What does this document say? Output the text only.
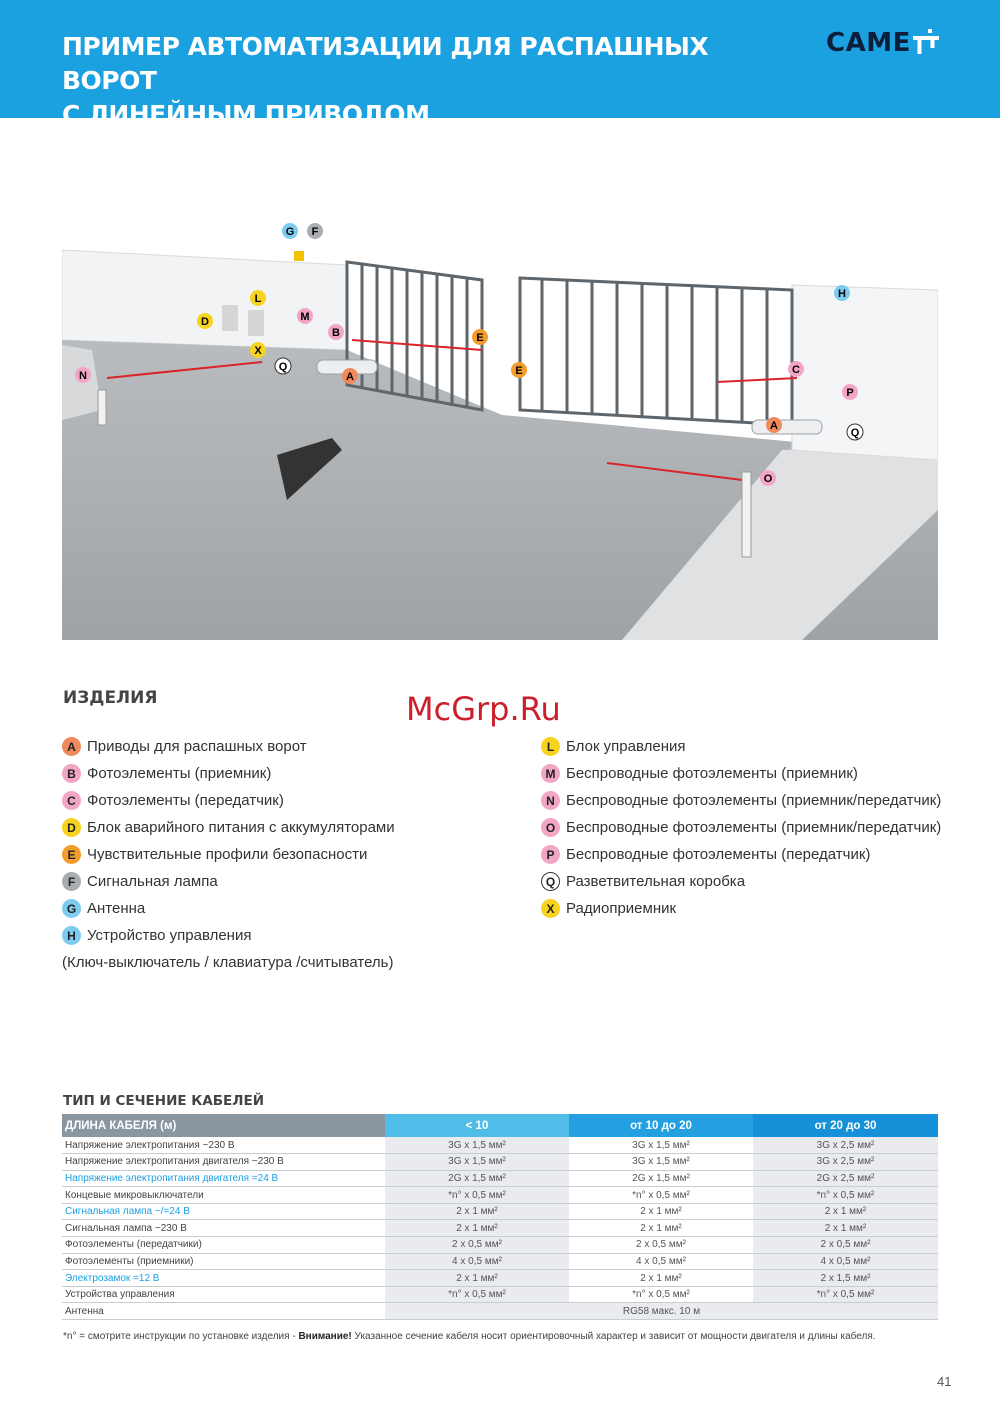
ПРИМЕР АВТОМАТИЗАЦИИ ДЛЯ РАСПАШНЫХ ВОРОТ
С ЛИНЕЙНЫМ ПРИВОДОМ
CAME
G F
L
D	M
B
X
Q
A
N
E
E
H
C
P
A
Q
O
ИЗДЕЛИЯ	McGrp.Ru
A Приводы для распашных ворот
B Фотоэлементы (приемник)
C Фотоэлементы (передатчик)
D Блок аварийного питания с аккумуляторами
E Чувствительные профили безопасности
F Сигнальная лампа
G Антенна
H Устройство управления
(Ключ-выключатель / клавиатура /считыватель)
L Блок управления
M Беспроводные фотоэлементы (приемник)
N Беспроводные фотоэлементы (приемник/передатчик)
O Беспроводные фотоэлементы (приемник/передатчик)
P Беспроводные фотоэлементы (передатчик)
Q Разветвительная коробка
X Радиоприемник
ТИП И СЕЧЕНИЕ КАБЕЛЕЙ
ДЛИНА КАБЕЛЯ (м)	< 10	от 10 до 20	от 20 до 30
Напряжение электропитания ~230 В	3G x 1,5 мм²	3G x 1,5 мм²	3G x 2,5 мм²
Напряжение электропитания двигателя ~230 В	3G x 1,5 мм²	3G x 1,5 мм²	3G x 2,5 мм²
Напряжение электропитания двигателя =24 В	2G x 1,5 мм²	2G x 1,5 мм²	2G x 2,5 мм²
Концевые микровыключатели	*n° x 0,5 мм²	*n° x 0,5 мм²	*n° x 0,5 мм²
Сигнальная лампа ~/=24 В	2 x 1 мм²	2 x 1 мм²	2 x 1 мм²
Сигнальная лампа ~230 В	2 x 1 мм²	2 x 1 мм²	2 x 1 мм²
Фотоэлементы (передатчики)	2 x 0,5 мм²	2 x 0,5 мм²	2 x 0,5 мм²
Фотоэлементы (приемники)	4 x 0,5 мм²	4 x 0,5 мм²	4 x 0,5 мм²
Электрозамок =12 В	2 x 1 мм²	2 x 1 мм²	2 x 1,5 мм²
Устройства управления	*n° x 0,5 мм²	*n° x 0,5 мм²	*n° x 0,5 мм²
Антенна	RG58 макс. 10 м		
*n° = смотрите инструкции по установке изделия - Внимание! Указанное сечение кабеля носит ориентировочный характер и зависит от мощности двигателя и длины кабеля.
41
